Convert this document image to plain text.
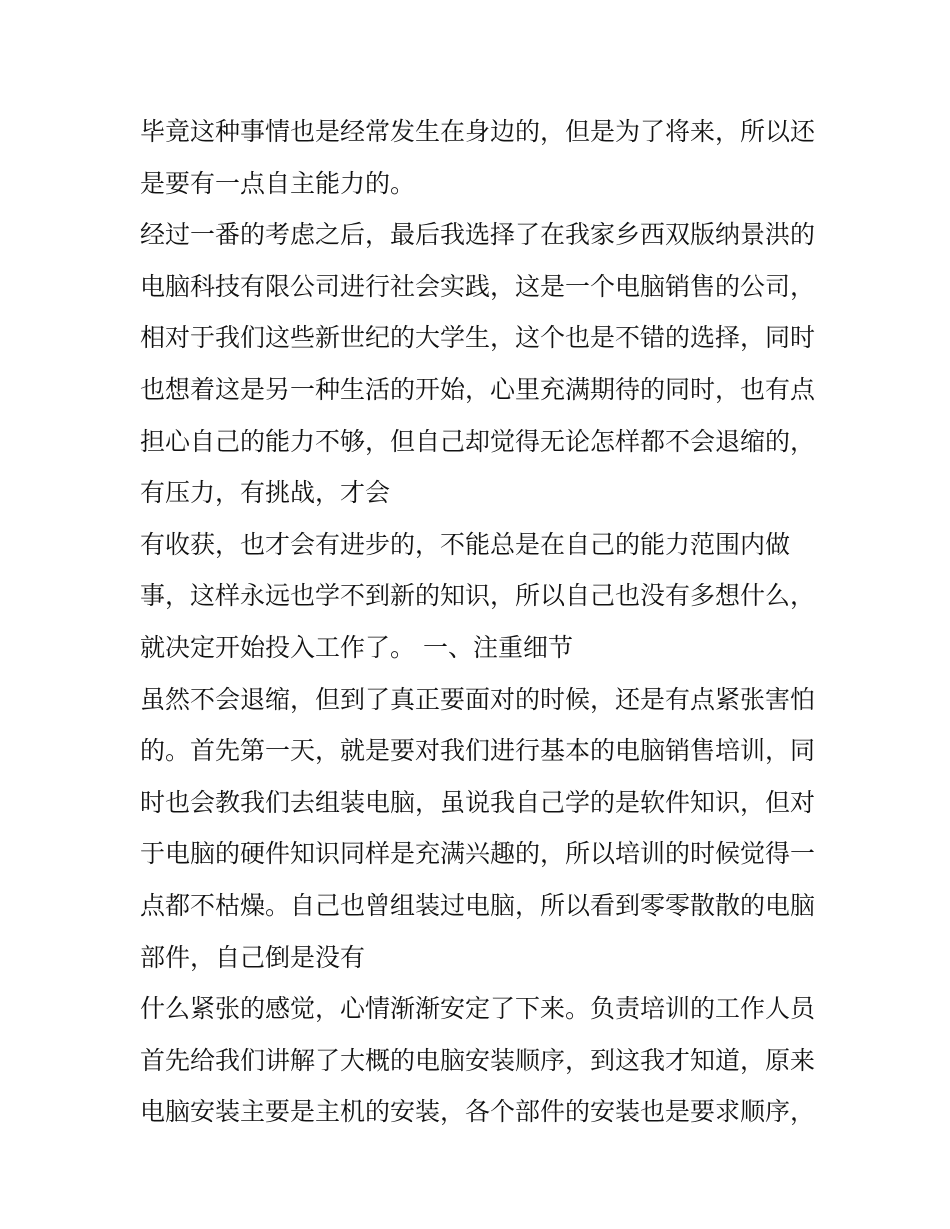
毕竟这种事情也是经常发生在身边的，但是为了将来，所以还
是要有一点自主能力的。
经过一番的考虑之后，最后我选择了在我家乡西双版纳景洪的
电脑科技有限公司进行社会实践，这是一个电脑销售的公司，
相对于我们这些新世纪的大学生，这个也是不错的选择，同时
也想着这是另一种生活的开始，心里充满期待的同时，也有点
担心自己的能力不够，但自己却觉得无论怎样都不会退缩的，
有压力，有挑战，才会
有收获，也才会有进步的，不能总是在自己的能力范围内做
事，这样永远也学不到新的知识，所以自己也没有多想什么，
就决定开始投入工作了。 一、注重细节
虽然不会退缩，但到了真正要面对的时候，还是有点紧张害怕
的。首先第一天，就是要对我们进行基本的电脑销售培训，同
时也会教我们去组装电脑，虽说我自己学的是软件知识，但对
于电脑的硬件知识同样是充满兴趣的，所以培训的时候觉得一
点都不枯燥。自己也曾组装过电脑，所以看到零零散散的电脑
部件，自己倒是没有
什么紧张的感觉，心情渐渐安定了下来。负责培训的工作人员
首先给我们讲解了大概的电脑安装顺序，到这我才知道，原来
电脑安装主要是主机的安装，各个部件的安装也是要求顺序，
